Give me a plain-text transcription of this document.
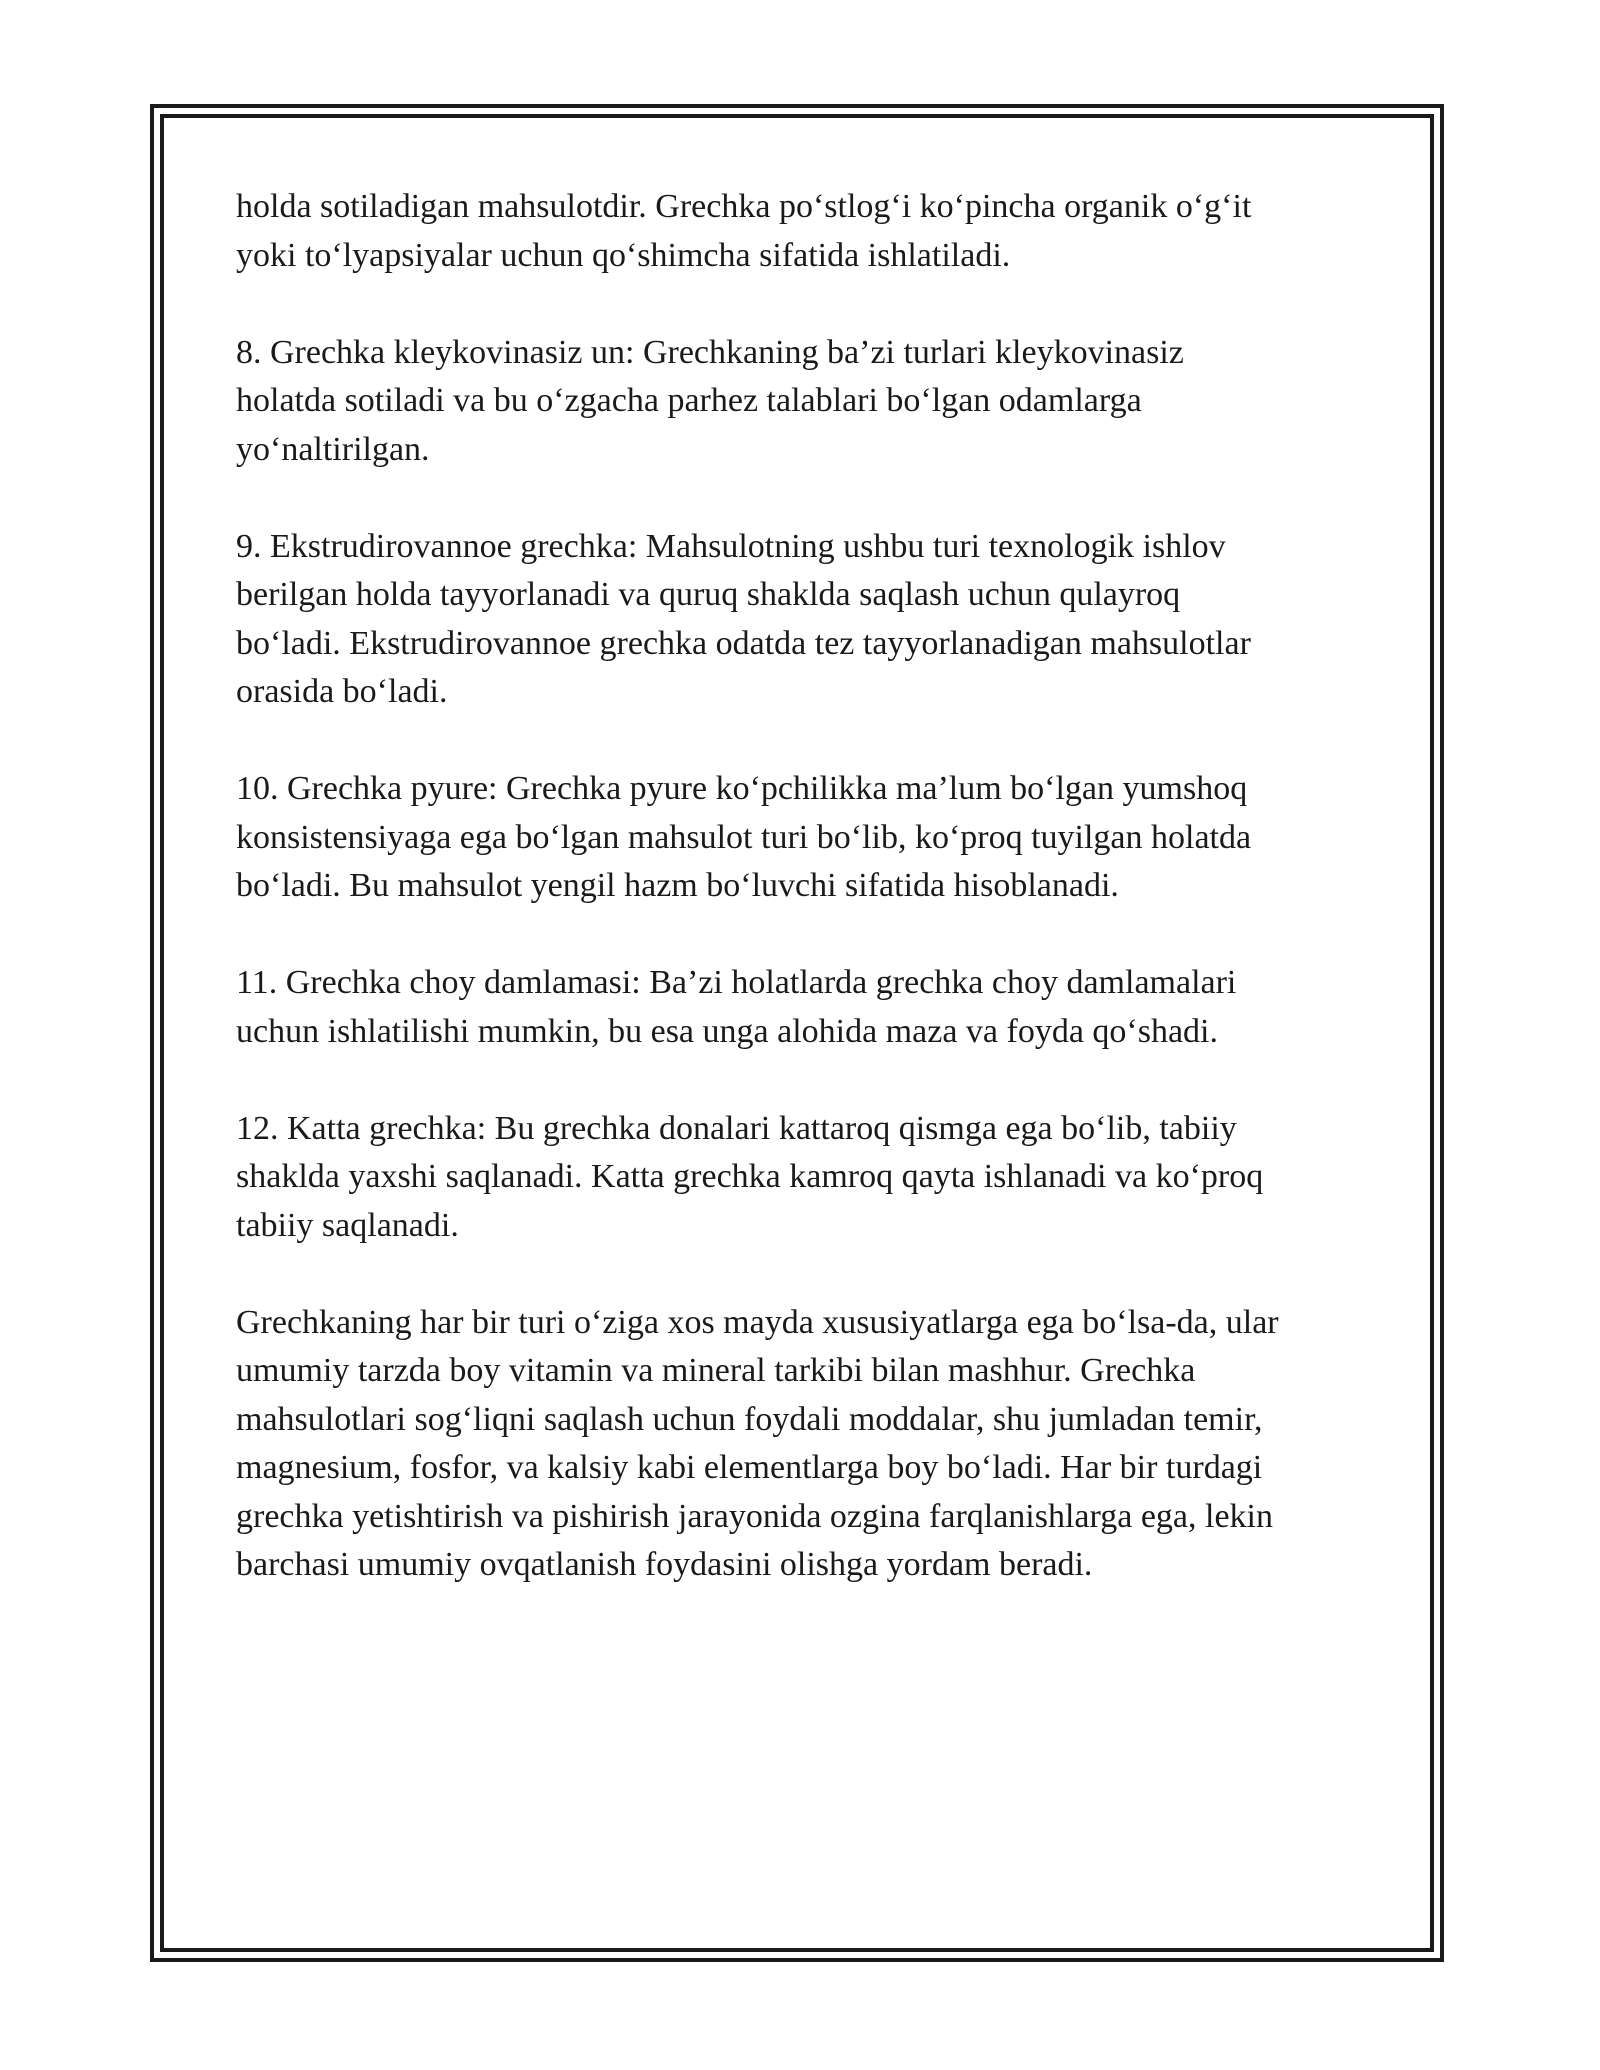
holda sotiladigan mahsulotdir. Grechka po‘stlog‘i ko‘pincha organik o‘g‘it
yoki to‘lyapsiyalar uchun qo‘shimcha sifatida ishlatiladi.

8. Grechka kleykovinasiz un: Grechkaning ba’zi turlari kleykovinasiz
holatda sotiladi va bu o‘zgacha parhez talablari bo‘lgan odamlarga
yo‘naltirilgan.

9. Ekstrudirovannoe grechka: Mahsulotning ushbu turi texnologik ishlov
berilgan holda tayyorlanadi va quruq shaklda saqlash uchun qulayroq
bo‘ladi. Ekstrudirovannoe grechka odatda tez tayyorlanadigan mahsulotlar
orasida bo‘ladi.

10. Grechka pyure: Grechka pyure ko‘pchilikka ma’lum bo‘lgan yumshoq
konsistensiyaga ega bo‘lgan mahsulot turi bo‘lib, ko‘proq tuyilgan holatda
bo‘ladi. Bu mahsulot yengil hazm bo‘luvchi sifatida hisoblanadi.

11. Grechka choy damlamasi: Ba’zi holatlarda grechka choy damlamalari
uchun ishlatilishi mumkin, bu esa unga alohida maza va foyda qo‘shadi.

12. Katta grechka: Bu grechka donalari kattaroq qismga ega bo‘lib, tabiiy
shaklda yaxshi saqlanadi. Katta grechka kamroq qayta ishlanadi va ko‘proq
tabiiy saqlanadi.

Grechkaning har bir turi o‘ziga xos mayda xususiyatlarga ega bo‘lsa-da, ular
umumiy tarzda boy vitamin va mineral tarkibi bilan mashhur. Grechka
mahsulotlari sog‘liqni saqlash uchun foydali moddalar, shu jumladan temir,
magnesium, fosfor, va kalsiy kabi elementlarga boy bo‘ladi. Har bir turdagi
grechka yetishtirish va pishirish jarayonida ozgina farqlanishlarga ega, lekin
barchasi umumiy ovqatlanish foydasini olishga yordam beradi.
